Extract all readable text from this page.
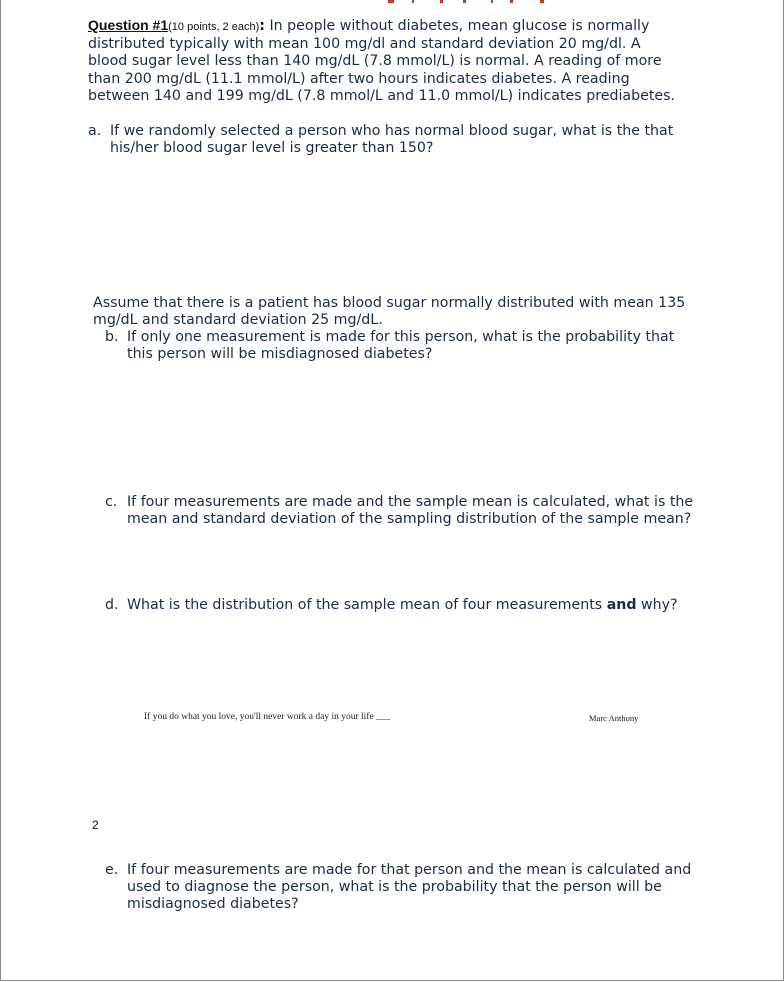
Question #1(10 points, 2 each): In people without diabetes, mean glucose is normally
distributed typically with mean 100 mg/dl and standard deviation 20 mg/dl. A
blood sugar level less than 140 mg/dL (7.8 mmol/L) is normal. A reading of more
than 200 mg/dL (11.1 mmol/L) after two hours indicates diabetes. A reading
between 140 and 199 mg/dL (7.8 mmol/L and 11.0 mmol/L) indicates prediabetes.
a. If we randomly selected a person who has normal blood sugar, what is the that
his/her blood sugar level is greater than 150?
Assume that there is a patient has blood sugar normally distributed with mean 135
mg/dL and standard deviation 25 mg/dL.
b. If only one measurement is made for this person, what is the probability that
this person will be misdiagnosed diabetes?
c. If four measurements are made and the sample mean is calculated, what is the
mean and standard deviation of the sampling distribution of the sample mean?
d. What is the distribution of the sample mean of four measurements and why?
If you do what you love, you'll never work a day in your life ___	Marc Anthony
2
e. If four measurements are made for that person and the mean is calculated and
used to diagnose the person, what is the probability that the person will be
misdiagnosed diabetes?
